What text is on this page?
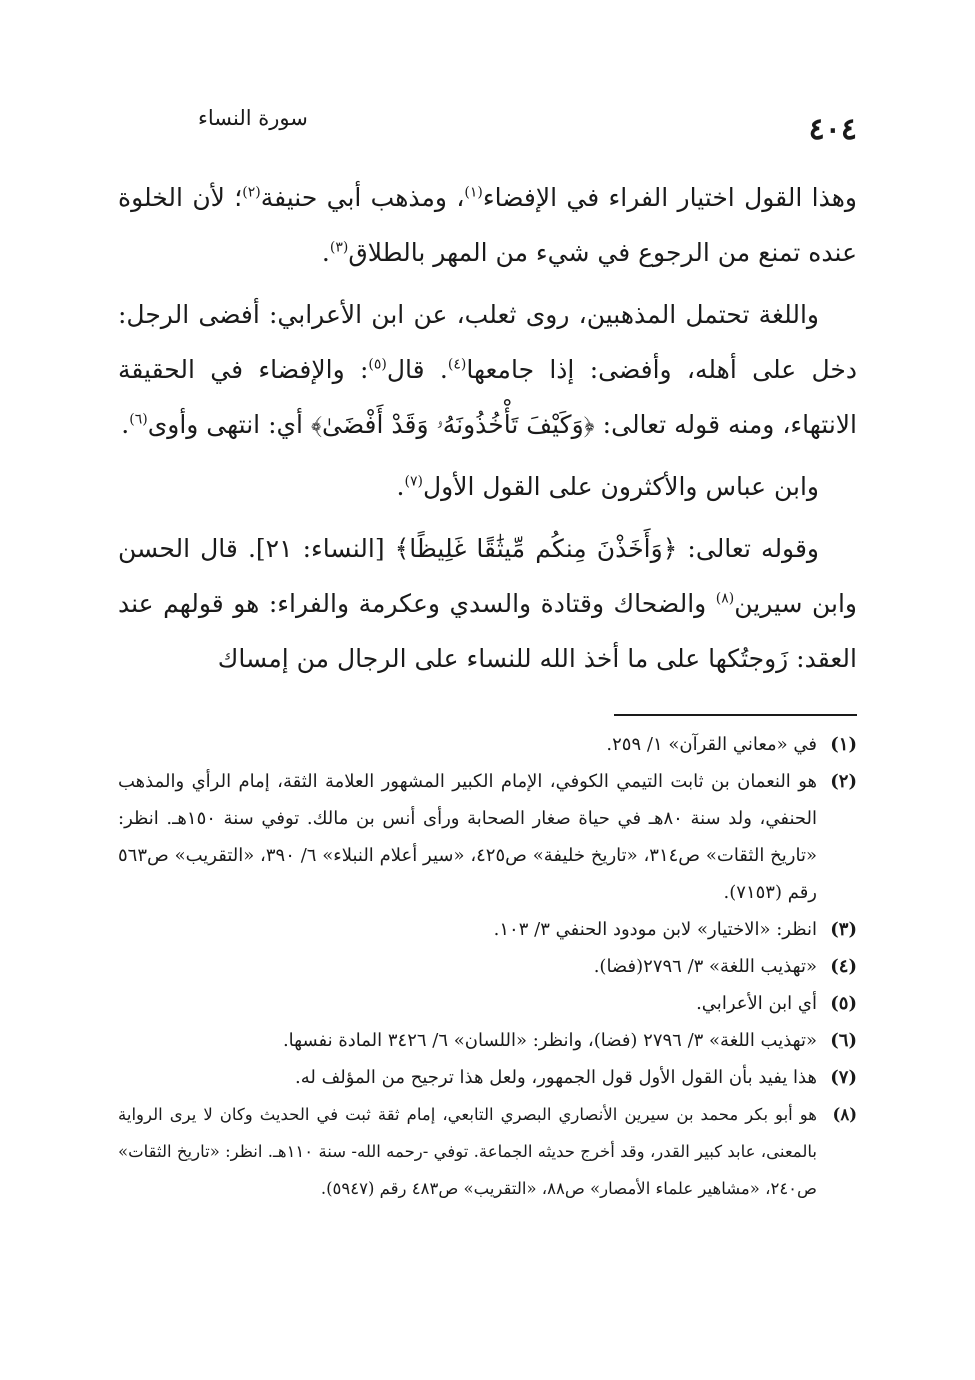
٤٠٤
سورة النساء

وهذا القول اختيار الفراء في الإفضاء$^{(١)}$، ومذهب أبي حنيفة$^{(٢)}$؛ لأن الخلوة عنده تمنع من الرجوع في شيء من المهر بالطلاق$^{(٣)}$.

واللغة تحتمل المذهبين، روى ثعلب، عن ابن الأعرابي: أفضى الرجل: دخل على أهله، وأفضى: إذا جامعها$^{(٤)}$. قال$^{(٥)}$: والإفضاء في الحقيقة الانتهاء، ومنه قوله تعالى: ﴿وَكَيْفَ تَأْخُذُونَهُۥ وَقَدْ أَفْضَىٰ﴾ أي: انتهى وأوى$^{(٦)}$.

وابن عباس والأكثرون على القول الأول$^{(٧)}$.

وقوله تعالى: ﴿وَأَخَذْنَ مِنكُم مِّيثَٰقًا غَلِيظًا﴾ [النساء: ٢١]. قال الحسن وابن سيرين$^{(٨)}$ والضحاك وقتادة والسدي وعكرمة والفراء: هو قولهم عند العقد: زَوجتُكها على ما أخذ الله للنساء على الرجال من إمساك

(١)
في «معاني القرآن» ١/ ٢٥٩.
(٢)
هو النعمان بن ثابت التيمي الكوفي، الإمام الكبير المشهور العلامة الثقة، إمام الرأي والمذهب الحنفي، ولد سنة ٨٠هـ في حياة صغار الصحابة ورأى أنس بن مالك. توفي سنة ١٥٠هـ. انظر: «تاريخ الثقات» ص٣١٤، «تاريخ خليفة» ص٤٢٥، «سير أعلام النبلاء» ٦/ ٣٩٠، «التقريب» ص٥٦٣ رقم (٧١٥٣).
(٣)
انظر: «الاختيار» لابن مودود الحنفي ٣/ ١٠٣.
(٤)
«تهذيب اللغة» ٣/ ٢٧٩٦(فضا).
(٥)
أي ابن الأعرابي.
(٦)
«تهذيب اللغة» ٣/ ٢٧٩٦ (فضا)، وانظر: «اللسان» ٦/ ٣٤٢٦ المادة نفسها.
(٧)
هذا يفيد بأن القول الأول قول الجمهور، ولعل هذا ترجيح من المؤلف له.
(٨)
هو أبو بكر محمد بن سيرين الأنصاري البصري التابعي، إمام ثقة ثبت في الحديث وكان لا يرى الرواية بالمعنى، عابد كبير القدر، وقد أخرج حديثه الجماعة. توفي -رحمه الله- سنة ١١٠هـ. انظر: «تاريخ الثقات» ص٢٤٠، «مشاهير علماء الأمصار» ص٨٨، «التقريب» ص٤٨٣ رقم (٥٩٤٧).
